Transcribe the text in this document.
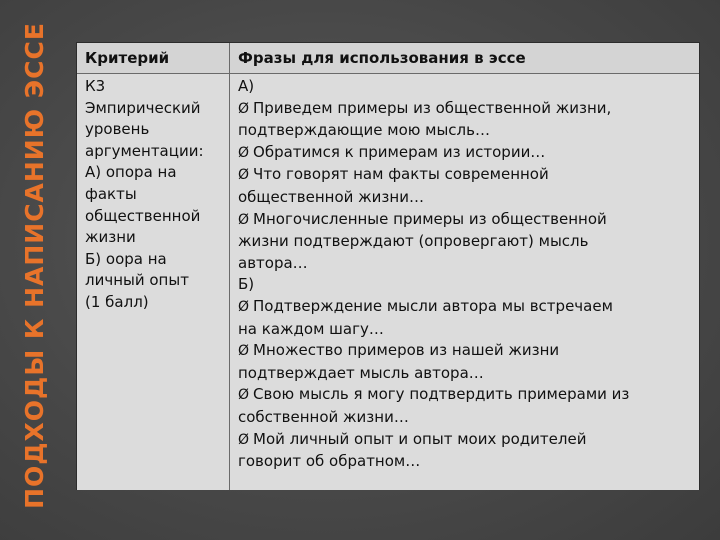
ПОДХОДЫ К НАПИСАНИЮ ЭССЕ	Критерий	Фразы для использования в эссе
К3
Эмпирический
уровень
аргументации:
А) опора на
факты
общественной
жизни
Б) оора на
личный опыт
(1 балл)
А)
Ø Приведем примеры из общественной жизни,
подтверждающие мою мысль…
Ø Обратимся к примерам из истории…
Ø Что говорят нам факты современной
общественной жизни…
Ø Многочисленные примеры из общественной
жизни подтверждают (опровергают) мысль
автора…
Б)
Ø Подтверждение мысли автора мы встречаем
на каждом шагу…
Ø Множество примеров из нашей жизни
подтверждает мысль автора…
Ø Свою мысль я могу подтвердить примерами из
собственной жизни…
Ø Мой личный опыт и опыт моих родителей
говорит об обратном…
